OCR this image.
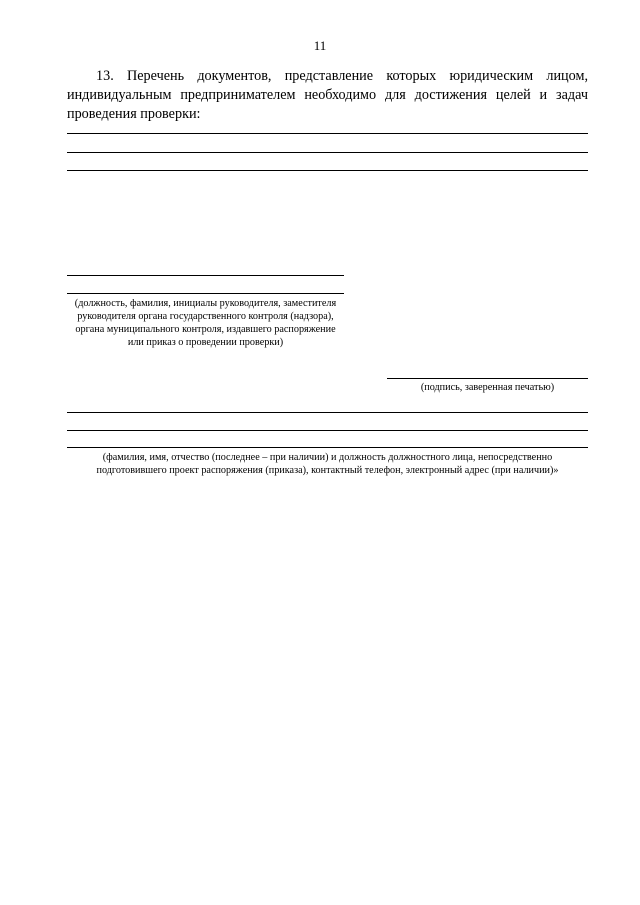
11

13. Перечень документов, представление которых юридическим лицом, индивидуальным предпринимателем необходимо для достижения целей и задач проведения проверки:

(должность, фамилия, инициалы руководителя, заместителя руководителя органа государственного контроля (надзора), органа муниципального контроля, издавшего распоряжение или приказ о проведении проверки)

(подпись, заверенная печатью)

(фамилия, имя, отчество (последнее – при наличии) и должность должностного лица, непосредственно подготовившего проект распоряжения (приказа), контактный телефон, электронный адрес (при наличии)»
